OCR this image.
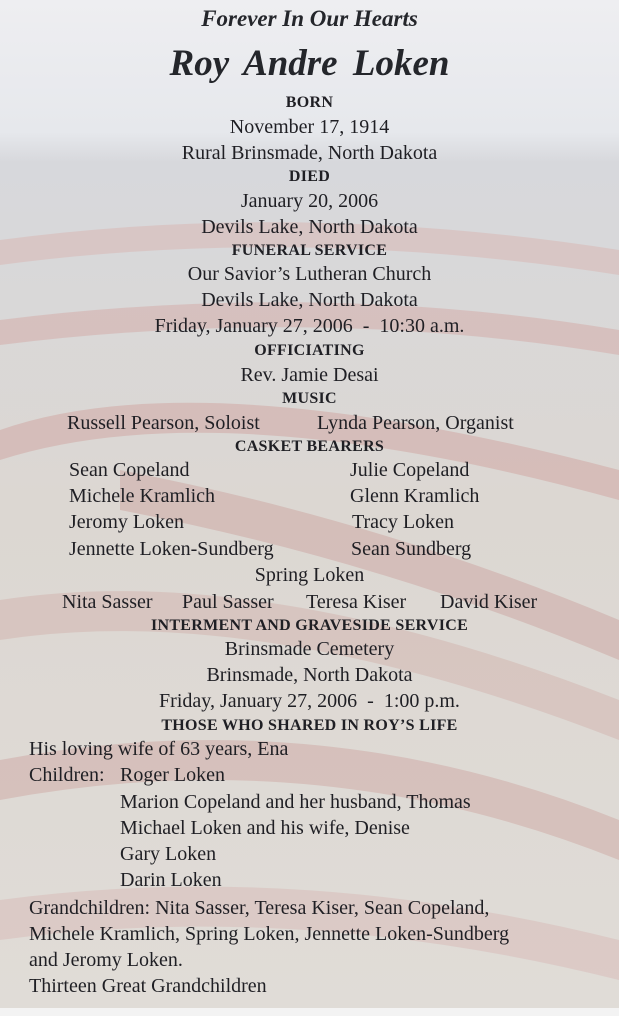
Forever In Our Hearts
Roy Andre Loken
BORN
November 17, 1914
Rural Brinsmade, North Dakota
DIED
January 20, 2006
Devils Lake, North Dakota
FUNERAL SERVICE
Our Savior’s Lutheran Church
Devils Lake, North Dakota
Friday, January 27, 2006  -  10:30 a.m.
OFFICIATING
Rev. Jamie Desai
MUSIC
Russell Pearson, Soloist	Lynda Pearson, Organist
CASKET BEARERS
Sean Copeland	Julie Copeland
Michele Kramlich	Glenn Kramlich
Jeromy Loken	Tracy Loken
Jennette Loken-Sundberg	Sean Sundberg
Spring Loken
Nita Sasser Paul Sasser Teresa Kiser David Kiser
INTERMENT AND GRAVESIDE SERVICE
Brinsmade Cemetery
Brinsmade, North Dakota
Friday, January 27, 2006  -  1:00 p.m.
THOSE WHO SHARED IN ROY’S LIFE
His loving wife of 63 years, Ena
Children: Roger Loken
Marion Copeland and her husband, Thomas
Michael Loken and his wife, Denise
Gary Loken
Darin Loken
Grandchildren: Nita Sasser, Teresa Kiser, Sean Copeland,
Michele Kramlich, Spring Loken, Jennette Loken-Sundberg
and Jeromy Loken.
Thirteen Great Grandchildren
